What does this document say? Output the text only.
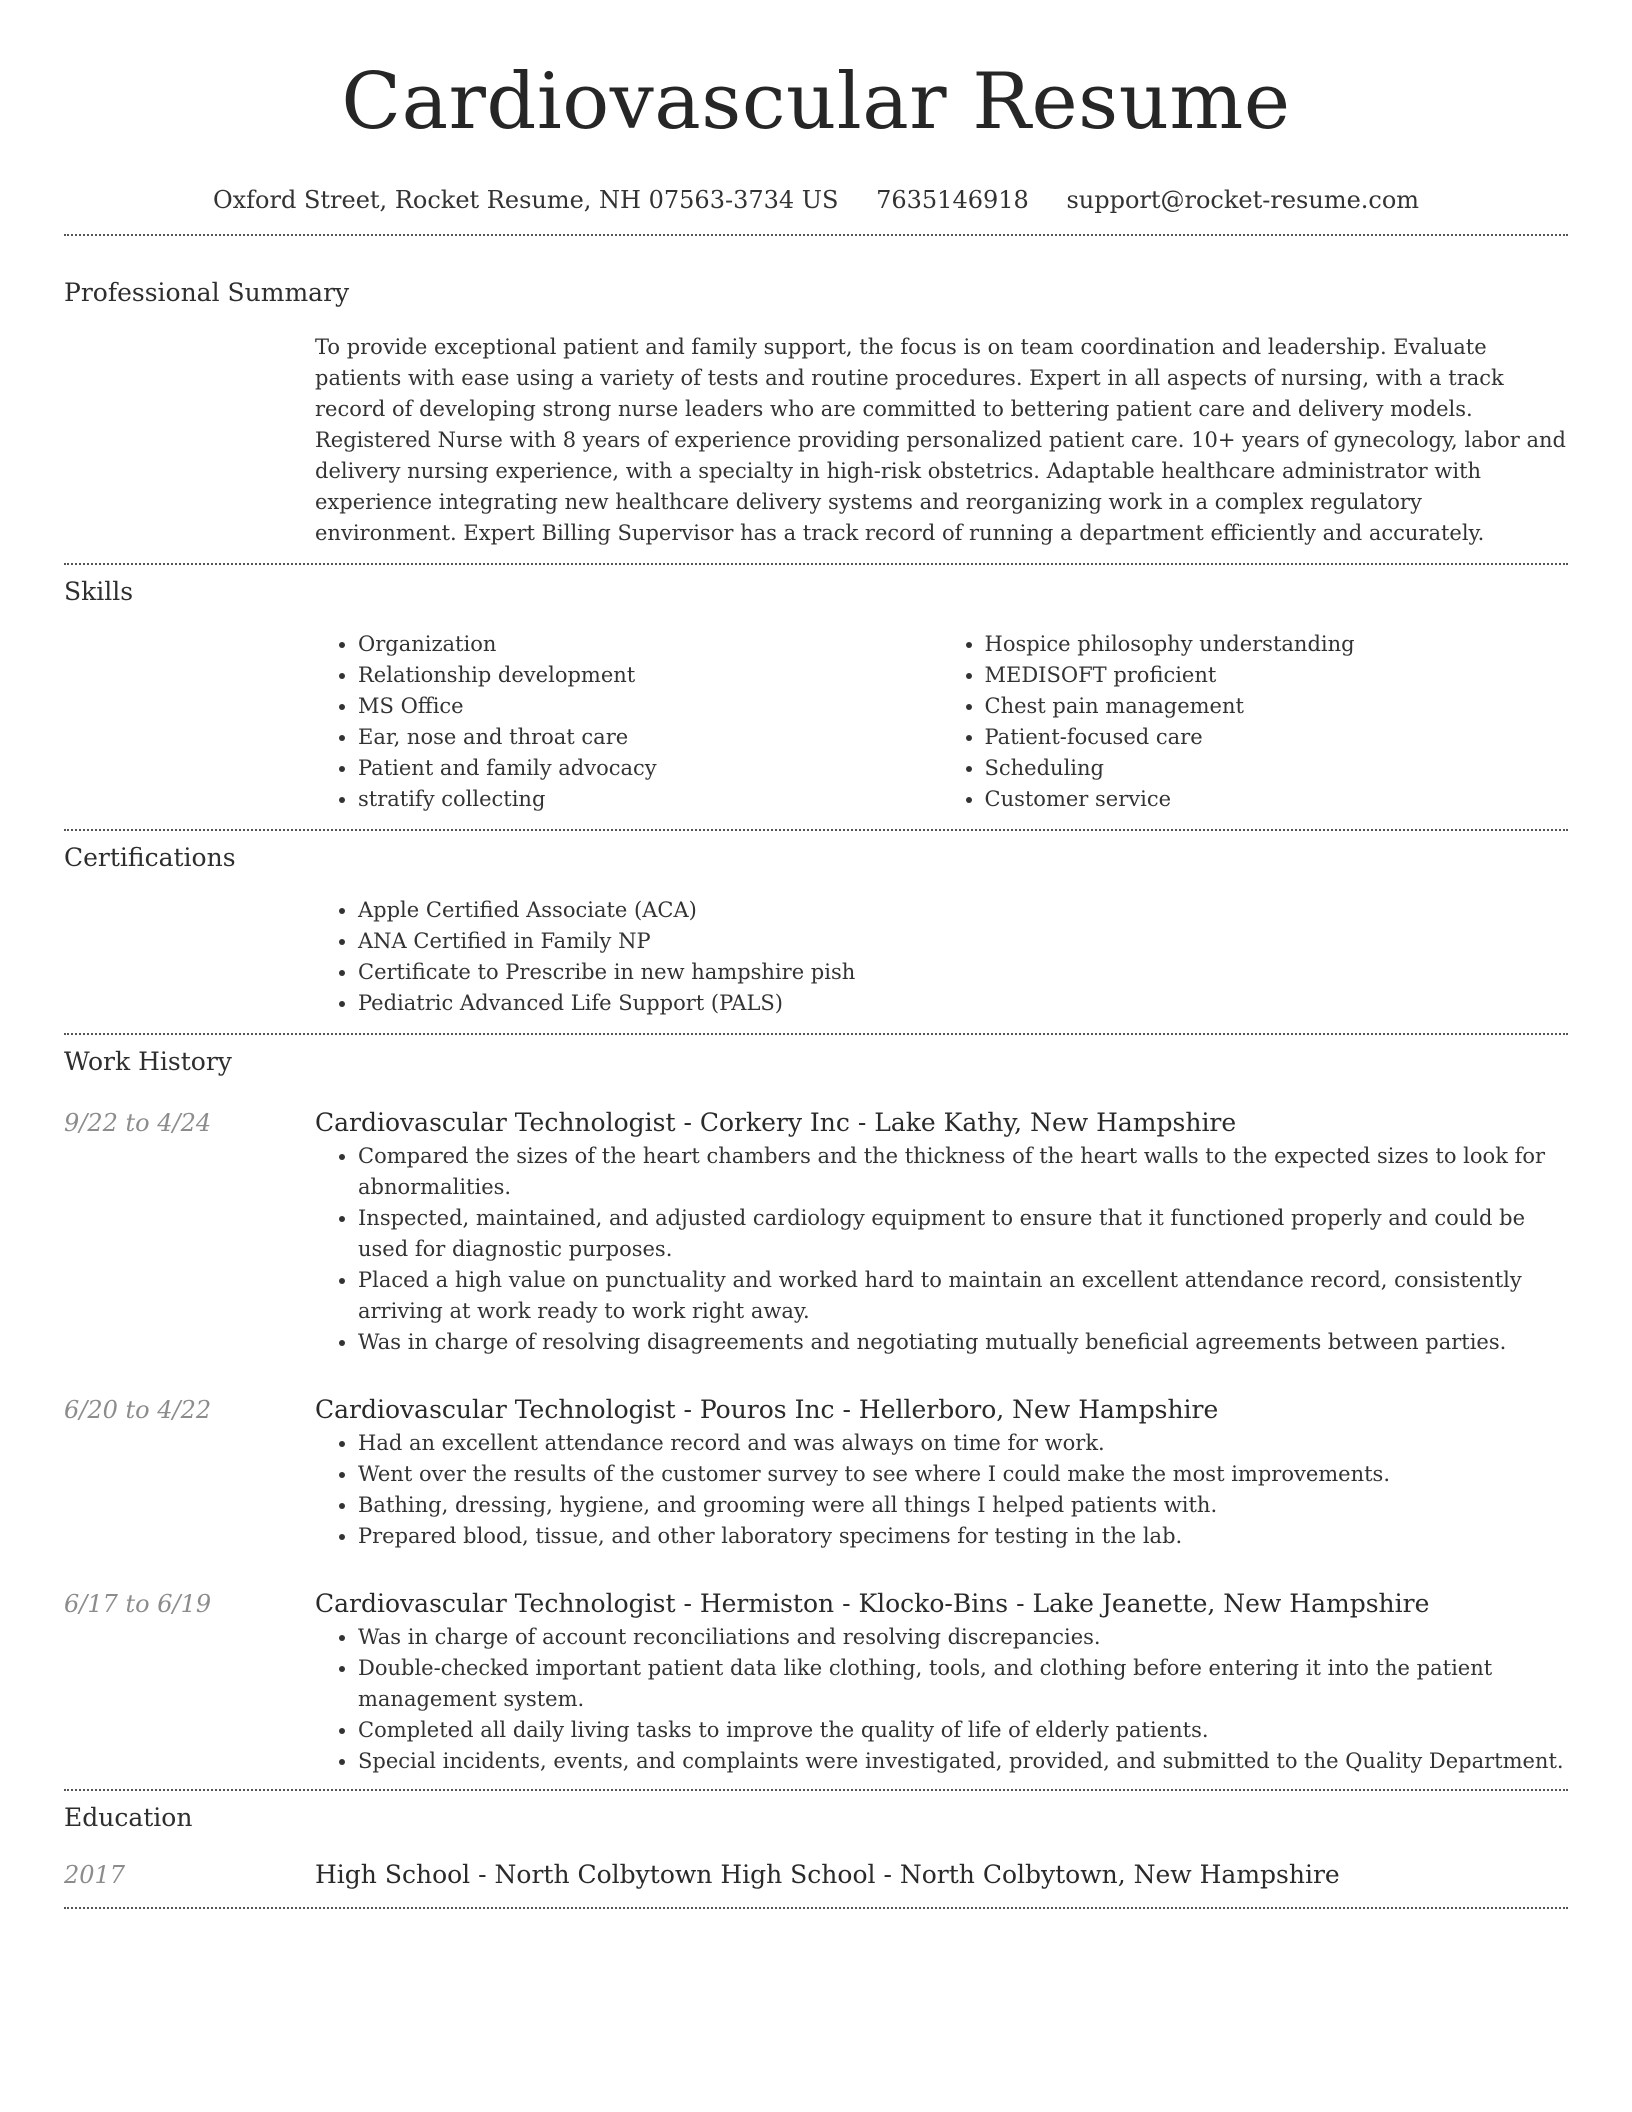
Cardiovascular Resume
Oxford Street, Rocket Resume, NH 07563-3734 US 7635146918 support@rocket-resume.com
Professional Summary
To provide exceptional patient and family support, the focus is on team coordination and leadership. Evaluate patients with ease using a variety of tests and routine procedures. Expert in all aspects of nursing, with a track record of developing strong nurse leaders who are committed to bettering patient care and delivery models. Registered Nurse with 8 years of experience providing personalized patient care. 10+ years of gynecology, labor and delivery nursing experience, with a specialty in high-risk obstetrics. Adaptable healthcare administrator with experience integrating new healthcare delivery systems and reorganizing work in a complex regulatory environment. Expert Billing Supervisor has a track record of running a department efficiently and accurately.
Skills
• Organization
• Relationship development
• MS Office
• Ear, nose and throat care
• Patient and family advocacy
• stratify collecting
• Hospice philosophy understanding
• MEDISOFT proficient
• Chest pain management
• Patient-focused care
• Scheduling
• Customer service
Certifications
• Apple Certified Associate (ACA)
• ANA Certified in Family NP
• Certificate to Prescribe in new hampshire pish
• Pediatric Advanced Life Support (PALS)
Work History
9/22 to 4/24	Cardiovascular Technologist - Corkery Inc - Lake Kathy, New Hampshire
• Compared the sizes of the heart chambers and the thickness of the heart walls to the expected sizes to look for abnormalities.
• Inspected, maintained, and adjusted cardiology equipment to ensure that it functioned properly and could be used for diagnostic purposes.
• Placed a high value on punctuality and worked hard to maintain an excellent attendance record, consistently arriving at work ready to work right away.
• Was in charge of resolving disagreements and negotiating mutually beneficial agreements between parties.
6/20 to 4/22	Cardiovascular Technologist - Pouros Inc - Hellerboro, New Hampshire
• Had an excellent attendance record and was always on time for work.
• Went over the results of the customer survey to see where I could make the most improvements.
• Bathing, dressing, hygiene, and grooming were all things I helped patients with.
• Prepared blood, tissue, and other laboratory specimens for testing in the lab.
6/17 to 6/19	Cardiovascular Technologist - Hermiston - Klocko-Bins - Lake Jeanette, New Hampshire
• Was in charge of account reconciliations and resolving discrepancies.
• Double-checked important patient data like clothing, tools, and clothing before entering it into the patient management system.
• Completed all daily living tasks to improve the quality of life of elderly patients.
• Special incidents, events, and complaints were investigated, provided, and submitted to the Quality Department.
Education
2017	High School - North Colbytown High School - North Colbytown, New Hampshire
